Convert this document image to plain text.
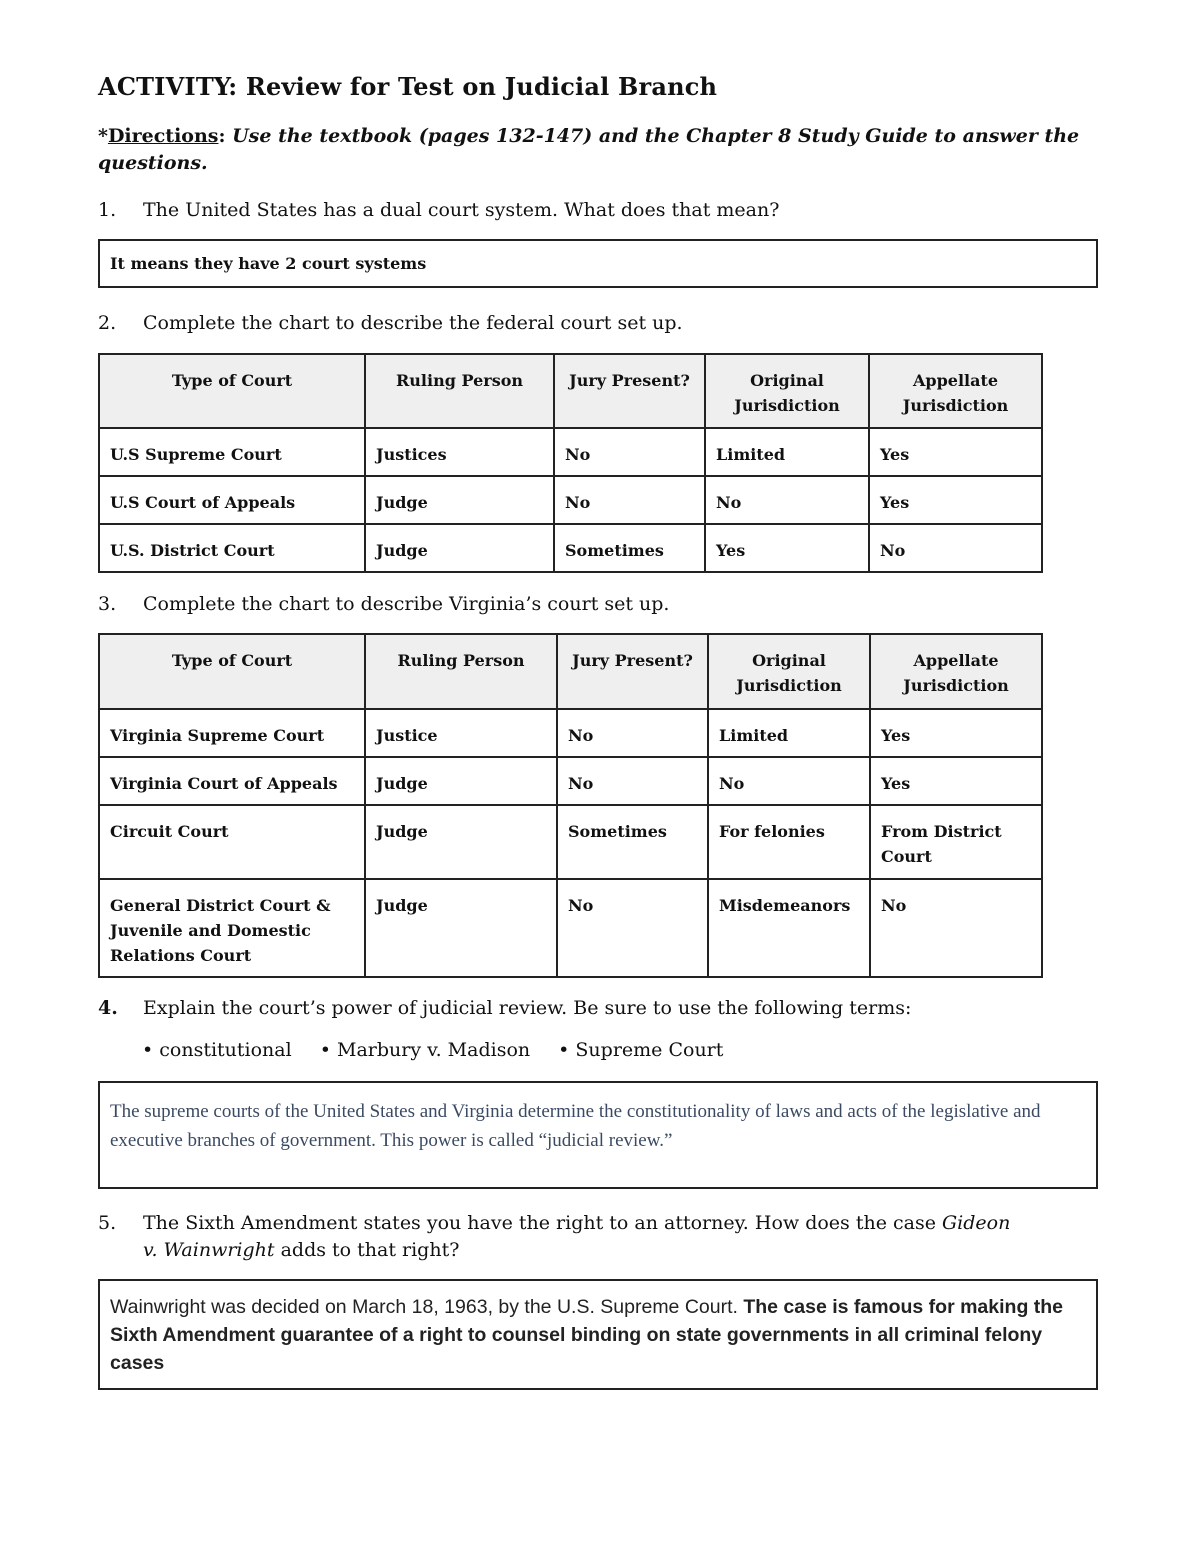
ACTIVITY: Review for Test on Judicial Branch
*Directions: Use the textbook (pages 132-147) and the Chapter 8 Study Guide to answer the questions.
1. The United States has a dual court system. What does that mean?
It means they have 2 court systems
2. Complete the chart to describe the federal court set up.
Type of Court	Ruling Person	Jury Present?	Original Jurisdiction	Appellate Jurisdiction
U.S Supreme Court	Justices	No	Limited	Yes
U.S Court of Appeals	Judge	No	No	Yes
U.S. District Court	Judge	Sometimes	Yes	No
3. Complete the chart to describe Virginia’s court set up.
Type of Court	Ruling Person	Jury Present?	Original Jurisdiction	Appellate Jurisdiction
Virginia Supreme Court	Justice	No	Limited	Yes
Virginia Court of Appeals	Judge	No	No	Yes
Circuit Court	Judge	Sometimes	For felonies	From District Court
General District Court & Juvenile and Domestic Relations Court	Judge	No	Misdemeanors	No
4. Explain the court’s power of judicial review. Be sure to use the following terms:
• constitutional • Marbury v. Madison • Supreme Court
The supreme courts of the United States and Virginia determine the constitutionality of laws and acts of the legislative and executive branches of government. This power is called “judicial review.”
5. The Sixth Amendment states you have the right to an attorney. How does the case Gideon
v. Wainwright adds to that right?
Wainwright was decided on March 18, 1963, by the U.S. Supreme Court. The case is famous for making the Sixth Amendment guarantee of a right to counsel binding on state governments in all criminal felony cases
